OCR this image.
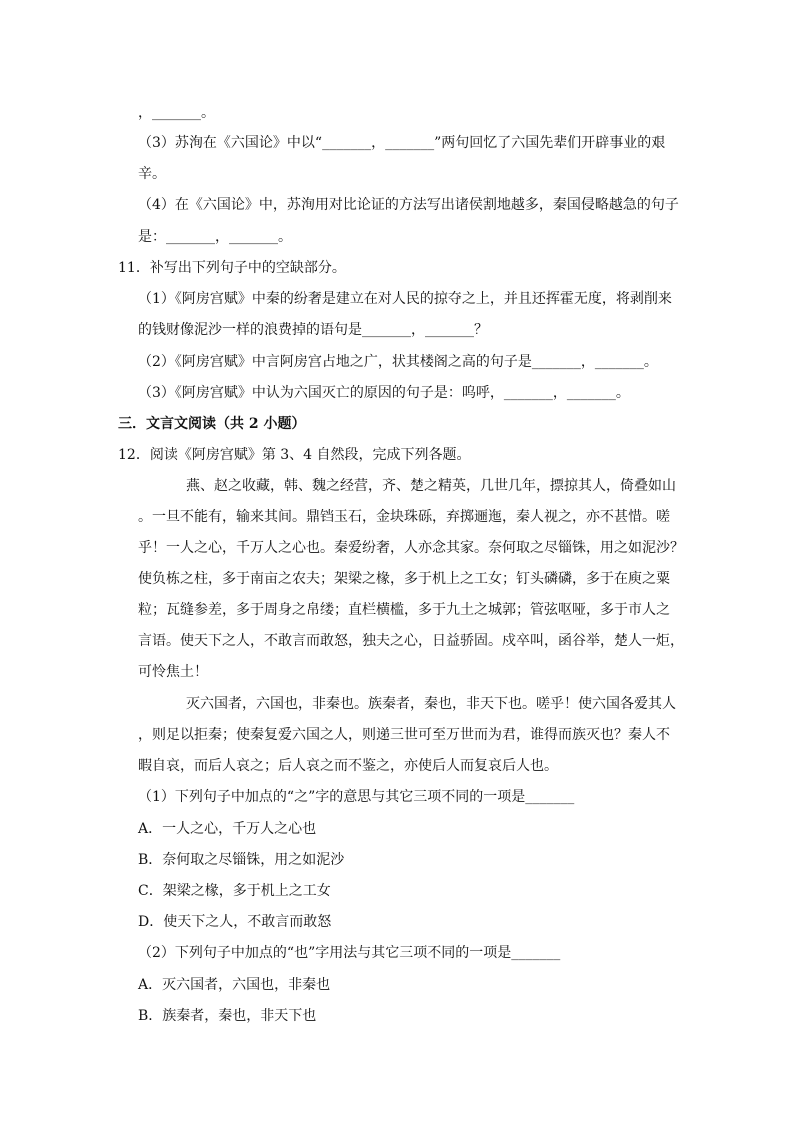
，_______。
（3）苏洵在《六国论》中以“_______，_______”两句回忆了六国先辈们开辟事业的艰
辛。
（4）在《六国论》中，苏洵用对比论证的方法写出诸侯割地越多，秦国侵略越急的句子
是：_______，_______。
11．补写出下列句子中的空缺部分。
（1）《阿房宫赋》中秦的纷奢是建立在对人民的掠夺之上，并且还挥霍无度，将剥削来
的钱财像泥沙一样的浪费掉的语句是_______，_______？
（2）《阿房宫赋》中言阿房宫占地之广，状其楼阁之高的句子是_______，_______。
（3）《阿房宫赋》中认为六国灭亡的原因的句子是：呜呼，_______，_______。
三．文言文阅读（共 2 小题）
12．阅读《阿房宫赋》第 3、4 自然段，完成下列各题。
燕、赵之收藏，韩、魏之经营，齐、楚之精英，几世几年，摽掠其人，倚叠如山
。一旦不能有，输来其间。鼎铛玉石，金块珠砾，弃掷逦迤，秦人视之，亦不甚惜。嗟
乎！一人之心，千万人之心也。秦爱纷奢，人亦念其家。奈何取之尽锱铢，用之如泥沙？
使负栋之柱，多于南亩之农夫；架梁之椽，多于机上之工女；钉头磷磷，多于在庾之粟
粒；瓦缝参差，多于周身之帛缕；直栏横槛，多于九土之城郭；管弦呕哑，多于市人之
言语。使天下之人，不敢言而敢怒，独夫之心，日益骄固。戍卒叫，函谷举，楚人一炬，
可怜焦土！
灭六国者，六国也，非秦也。族秦者，秦也，非天下也。嗟乎！使六国各爱其人
，则足以拒秦；使秦复爱六国之人，则递三世可至万世而为君，谁得而族灭也？秦人不
暇自哀，而后人哀之；后人哀之而不鉴之，亦使后人而复哀后人也。
（1）下列句子中加点的“之”字的意思与其它三项不同的一项是_______
A．一人之心，千万人之心也
B．奈何取之尽锱铢，用之如泥沙
C．架梁之椽，多于机上之工女
D．使天下之人，不敢言而敢怒
（2）下列句子中加点的“也”字用法与其它三项不同的一项是_______
A．灭六国者，六国也，非秦也
B．族秦者，秦也，非天下也
